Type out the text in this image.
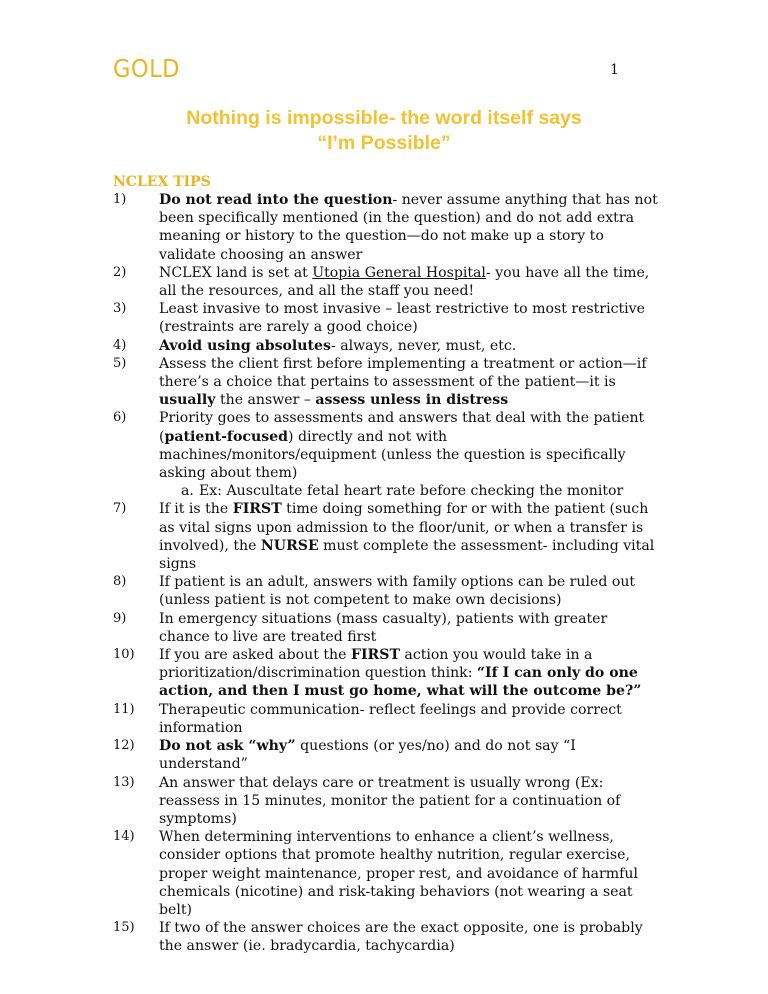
GOLD	1
Nothing is impossible- the word itself says
“I’m Possible”
NCLEX TIPS
1)	Do not read into the question- never assume anything that has not been specifically mentioned (in the question) and do not add extra meaning or history to the question—do not make up a story to validate choosing an answer
2)	NCLEX land is set at Utopia General Hospital- you have all the time, all the resources, and all the staff you need!
3)	Least invasive to most invasive – least restrictive to most restrictive (restraints are rarely a good choice)
4)	Avoid using absolutes- always, never, must, etc.
5)	Assess the client first before implementing a treatment or action—if there’s a choice that pertains to assessment of the patient—it is usually the answer – assess unless in distress
6)	Priority goes to assessments and answers that deal with the patient (patient-focused) directly and not with machines/monitors/equipment (unless the question is specifically asking about them)
a. Ex: Auscultate fetal heart rate before checking the monitor
7)	If it is the FIRST time doing something for or with the patient (such as vital signs upon admission to the floor/unit, or when a transfer is involved), the NURSE must complete the assessment- including vital signs
8)	If patient is an adult, answers with family options can be ruled out (unless patient is not competent to make own decisions)
9)	In emergency situations (mass casualty), patients with greater chance to live are treated first
10)	If you are asked about the FIRST action you would take in a prioritization/discrimination question think: “If I can only do one action, and then I must go home, what will the outcome be?”
11)	Therapeutic communication- reflect feelings and provide correct information
12)	Do not ask “why” questions (or yes/no) and do not say “I understand”
13)	An answer that delays care or treatment is usually wrong (Ex: reassess in 15 minutes, monitor the patient for a continuation of symptoms)
14)	When determining interventions to enhance a client’s wellness, consider options that promote healthy nutrition, regular exercise, proper weight maintenance, proper rest, and avoidance of harmful chemicals (nicotine) and risk-taking behaviors (not wearing a seat belt)
15)	If two of the answer choices are the exact opposite, one is probably the answer (ie. bradycardia, tachycardia)
